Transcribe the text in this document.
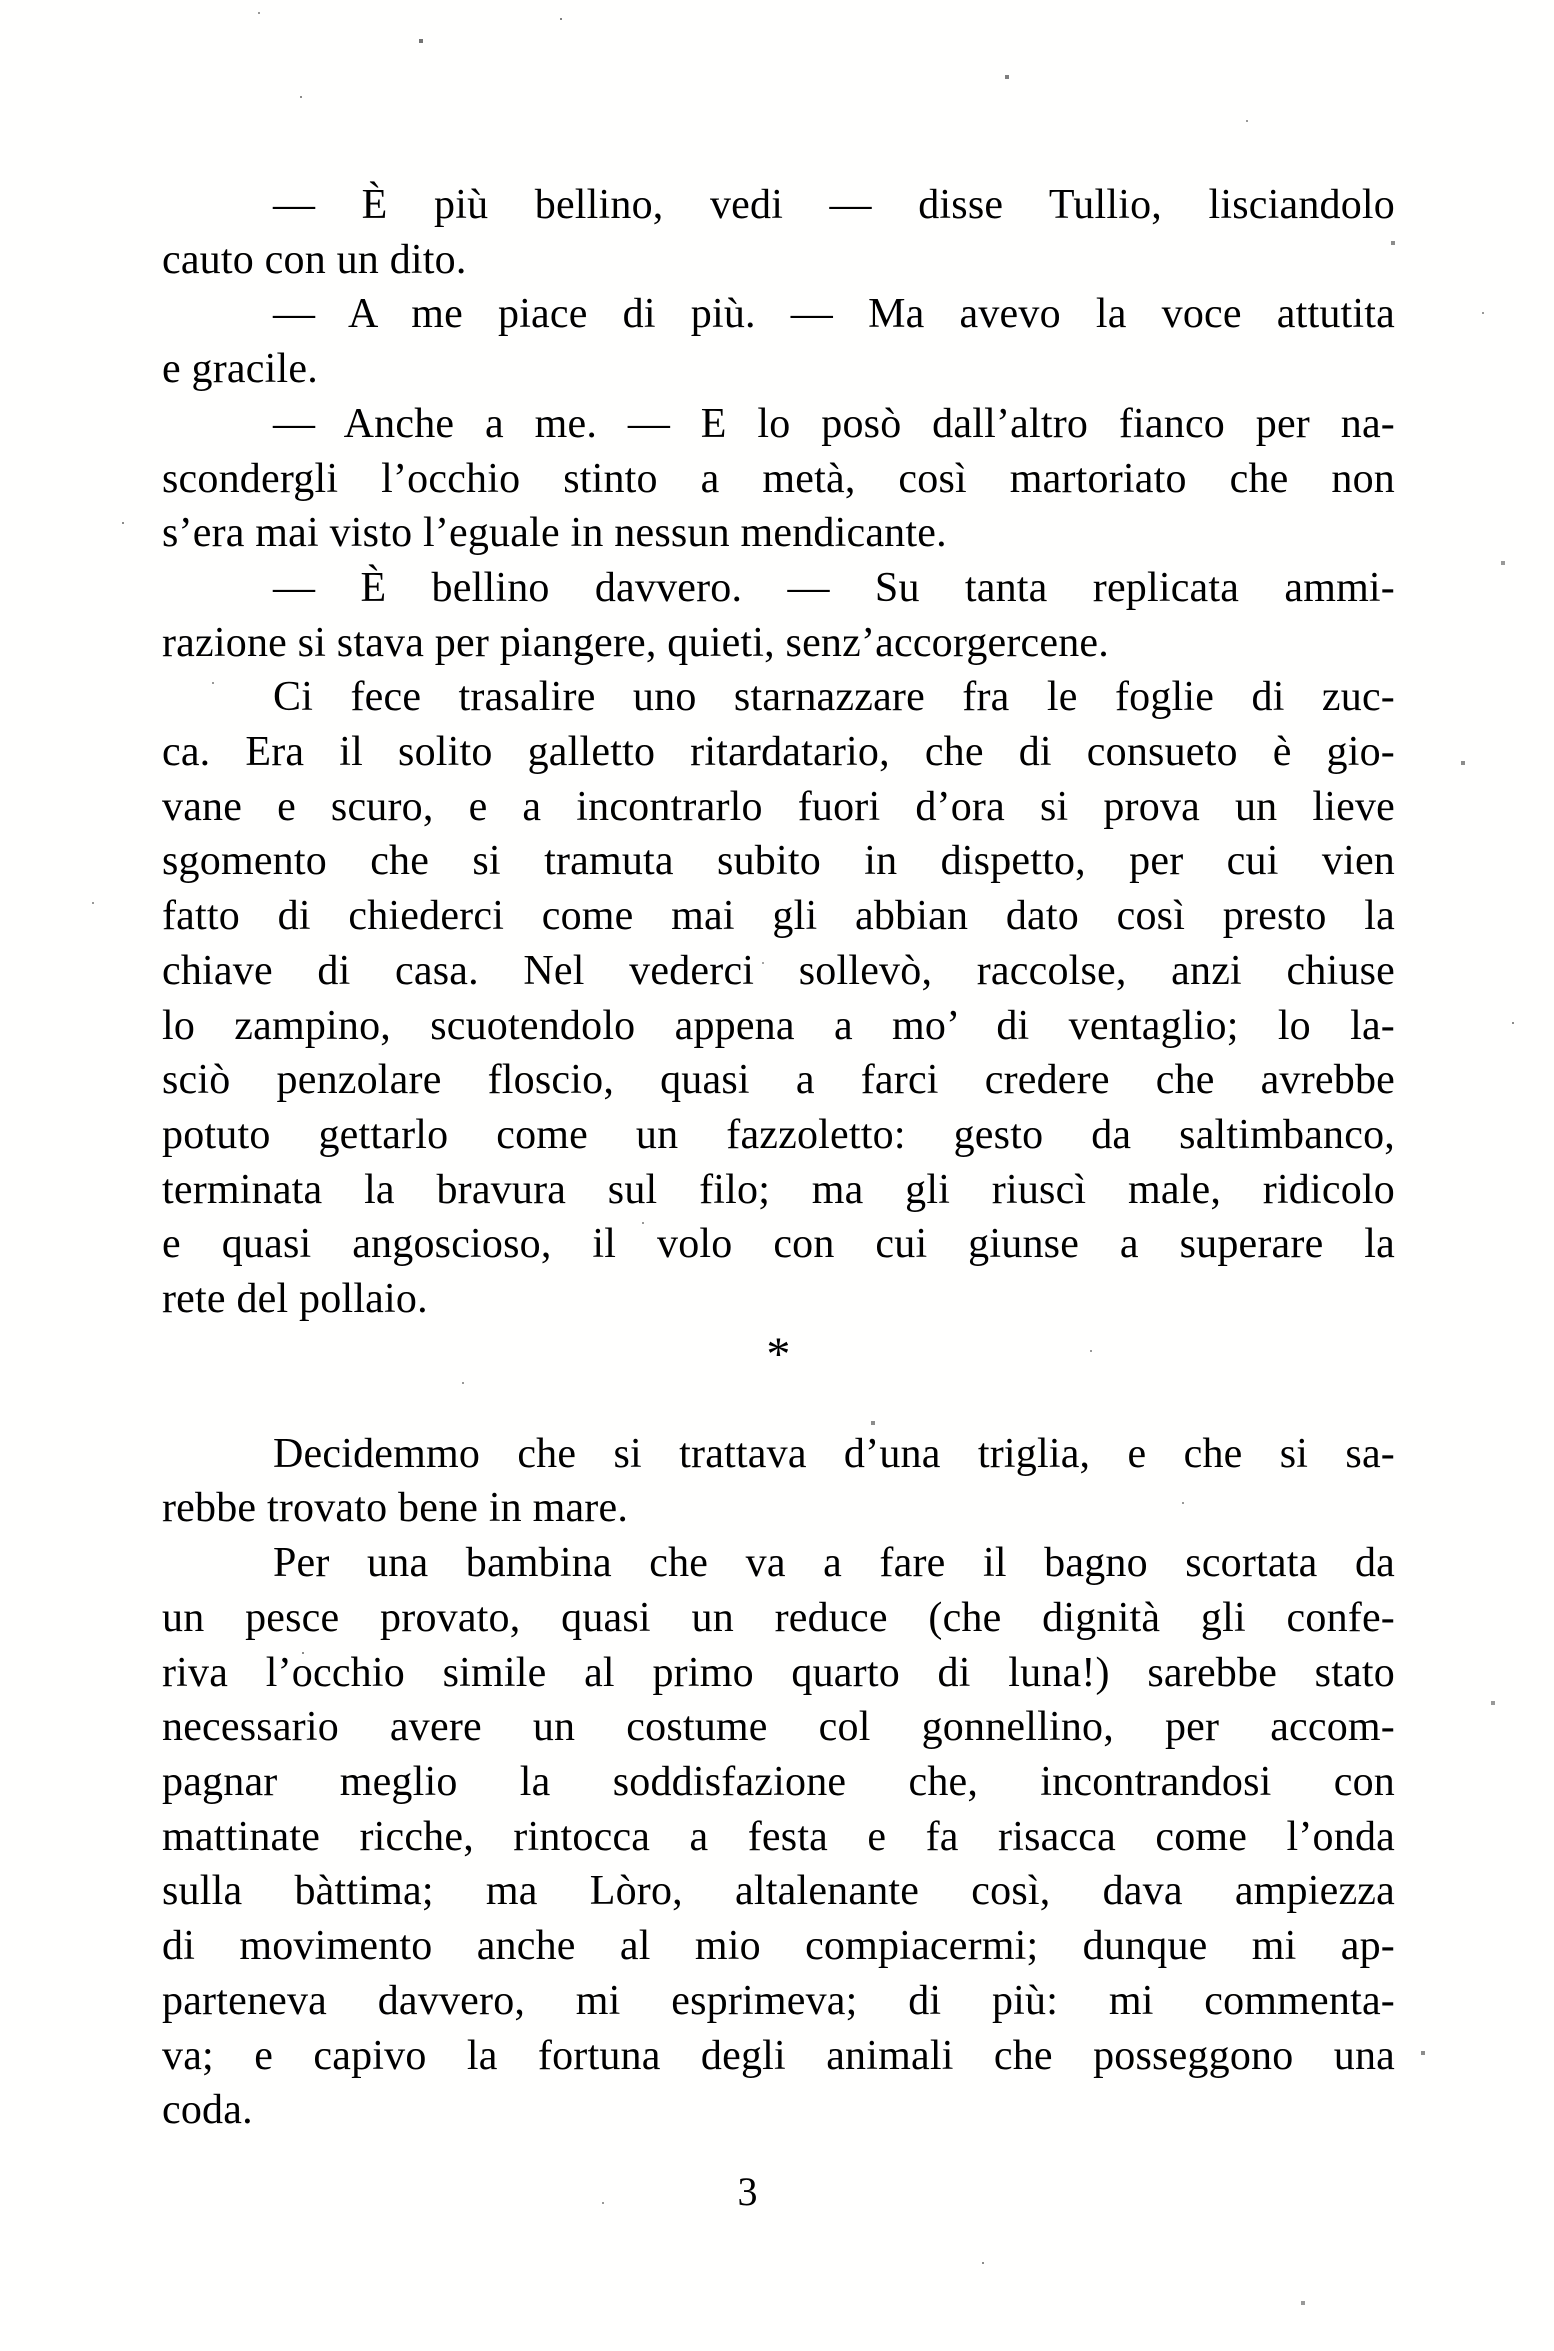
— È più bellino, vedi — disse Tullio, lisciandolo
cauto con un dito.
— A me piace di più. — Ma avevo la voce attutita
e gracile.
— Anche a me. — E lo posò dall’altro fianco per na-
scondergli l’occhio stinto a metà, così martoriato che non
s’era mai visto l’eguale in nessun mendicante.
— È bellino davvero. — Su tanta replicata ammi-
razione si stava per piangere, quieti, senz’accorgercene.
Ci fece trasalire uno starnazzare fra le foglie di zuc-
ca. Era il solito galletto ritardatario, che di consueto è gio-
vane e scuro, e a incontrarlo fuori d’ora si prova un lieve
sgomento che si tramuta subito in dispetto, per cui vien
fatto di chiederci come mai gli abbian dato così presto la
chiave di casa. Nel vederci sollevò, raccolse, anzi chiuse
lo zampino, scuotendolo appena a mo’ di ventaglio; lo la-
sciò penzolare floscio, quasi a farci credere che avrebbe
potuto gettarlo come un fazzoletto: gesto da saltimbanco,
terminata la bravura sul filo; ma gli riuscì male, ridicolo
e quasi angoscioso, il volo con cui giunse a superare la
rete del pollaio.
*
Decidemmo che si trattava d’una triglia, e che si sa-
rebbe trovato bene in mare.
Per una bambina che va a fare il bagno scortata da
un pesce provato, quasi un reduce (che dignità gli confe-
riva l’occhio simile al primo quarto di luna!) sarebbe stato
necessario avere un costume col gonnellino, per accom-
pagnar meglio la soddisfazione che, incontrandosi con
mattinate ricche, rintocca a festa e fa risacca come l’onda
sulla bàttima; ma Lòro, altalenante così, dava ampiezza
di movimento anche al mio compiacermi; dunque mi ap-
parteneva davvero, mi esprimeva; di più: mi commenta-
va; e capivo la fortuna degli animali che posseggono una
coda.
3
